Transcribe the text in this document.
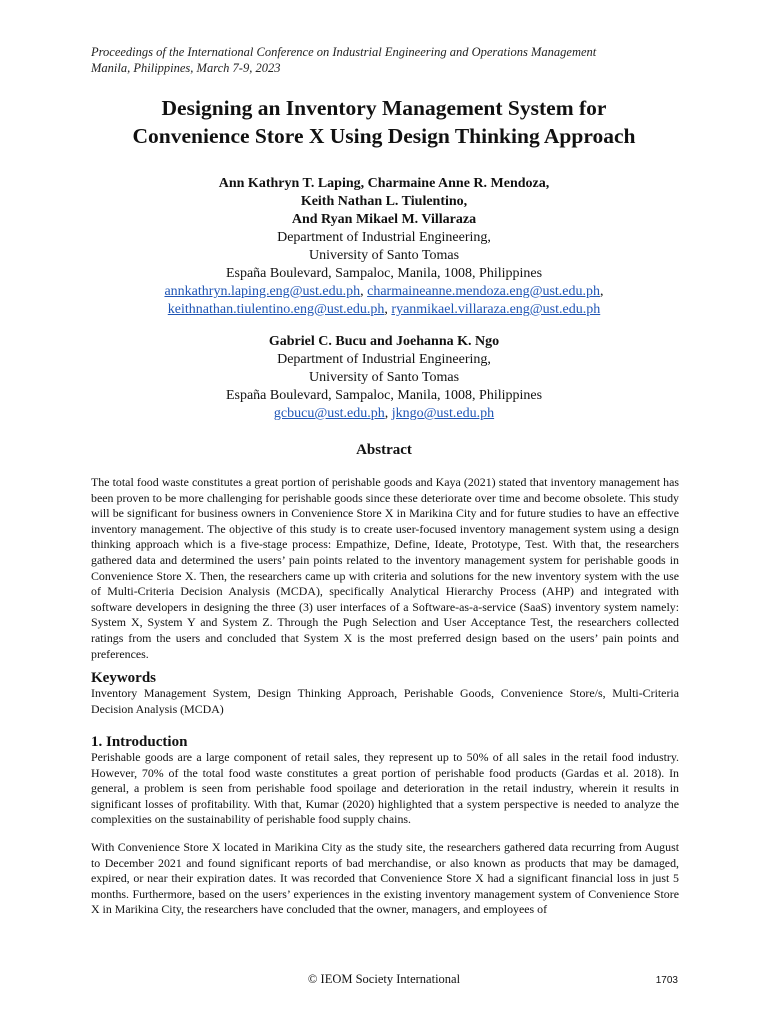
Proceedings of the International Conference on Industrial Engineering and Operations Management
Manila, Philippines, March 7-9, 2023
Designing an Inventory Management System for
Convenience Store X Using Design Thinking Approach
Ann Kathryn T. Laping, Charmaine Anne R. Mendoza,
Keith Nathan L. Tiulentino,
And Ryan Mikael M. Villaraza
Department of Industrial Engineering,
University of Santo Tomas
España Boulevard, Sampaloc, Manila, 1008, Philippines
annkathryn.laping.eng@ust.edu.ph, charmaineanne.mendoza.eng@ust.edu.ph,
keithnathan.tiulentino.eng@ust.edu.ph, ryanmikael.villaraza.eng@ust.edu.ph
Gabriel C. Bucu and Joehanna K. Ngo
Department of Industrial Engineering,
University of Santo Tomas
España Boulevard, Sampaloc, Manila, 1008, Philippines
gcbucu@ust.edu.ph, jkngo@ust.edu.ph
Abstract
The total food waste constitutes a great portion of perishable goods and Kaya (2021) stated that inventory management has been proven to be more challenging for perishable goods since these deteriorate over time and become obsolete. This study will be significant for business owners in Convenience Store X in Marikina City and for future studies to have an effective inventory management. The objective of this study is to create user-focused inventory management system using a design thinking approach which is a five-stage process: Empathize, Define, Ideate, Prototype, Test. With that, the researchers gathered data and determined the users’ pain points related to the inventory management system for perishable goods in Convenience Store X. Then, the researchers came up with criteria and solutions for the new inventory system with the use of Multi-Criteria Decision Analysis (MCDA), specifically Analytical Hierarchy Process (AHP) and integrated with software developers in designing the three (3) user interfaces of a Software-as-a-service (SaaS) inventory system namely: System X, System Y and System Z. Through the Pugh Selection and User Acceptance Test, the researchers collected ratings from the users and concluded that System X is the most preferred design based on the users’ pain points and preferences.
Keywords
Inventory Management System, Design Thinking Approach, Perishable Goods, Convenience Store/s, Multi-Criteria Decision Analysis (MCDA)
1. Introduction
Perishable goods are a large component of retail sales, they represent up to 50% of all sales in the retail food industry. However, 70% of the total food waste constitutes a great portion of perishable food products (Gardas et al. 2018). In general, a problem is seen from perishable food spoilage and deterioration in the retail industry, wherein it results in significant losses of profitability. With that, Kumar (2020) highlighted that a system perspective is needed to analyze the complexities on the sustainability of perishable food supply chains.
With Convenience Store X located in Marikina City as the study site, the researchers gathered data recurring from August to December 2021 and found significant reports of bad merchandise, or also known as products that may be damaged, expired, or near their expiration dates. It was recorded that Convenience Store X had a significant financial loss in just 5 months. Furthermore, based on the users’ experiences in the existing inventory management system of Convenience Store X in Marikina City, the researchers have concluded that the owner, managers, and employees of
© IEOM Society International	1703
